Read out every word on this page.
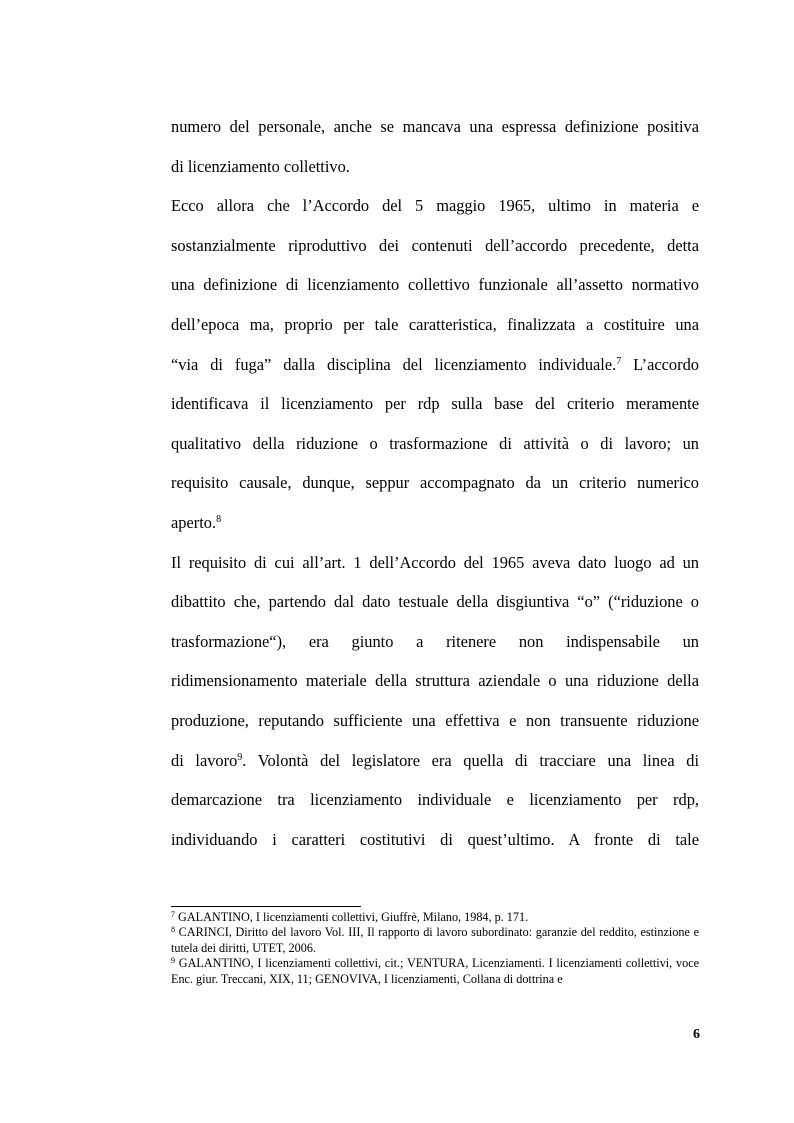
numero del personale, anche se mancava una espressa definizione positiva
di licenziamento collettivo.

Ecco allora che l’Accordo del 5 maggio 1965, ultimo in materia e
sostanzialmente riproduttivo dei contenuti dell’accordo precedente, detta
una definizione di licenziamento collettivo funzionale all’assetto normativo
dell’epoca ma, proprio per tale caratteristica, finalizzata a costituire una
“via di fuga” dalla disciplina del licenziamento individuale.$^7$ L’accordo
identificava il licenziamento per rdp sulla base del criterio meramente
qualitativo della riduzione o trasformazione di attività o di lavoro; un
requisito causale, dunque, seppur accompagnato da un criterio numerico
aperto.$^8$

Il requisito di cui all’art. 1 dell’Accordo del 1965 aveva dato luogo ad un
dibattito che, partendo dal dato testuale della disgiuntiva “o” (“riduzione o
trasformazione“), era giunto a ritenere non indispensabile un
ridimensionamento materiale della struttura aziendale o una riduzione della
produzione, reputando sufficiente una effettiva e non transuente riduzione
di lavoro$^9$. Volontà del legislatore era quella di tracciare una linea di
demarcazione tra licenziamento individuale e licenziamento per rdp,
individuando i caratteri costitutivi di quest’ultimo. A fronte di tale

$^7$ GALANTINO, I licenziamenti collettivi, Giuffrè, Milano, 1984, p. 171.

$^8$ CARINCI, Diritto del lavoro Vol. III, Il rapporto di lavoro subordinato: garanzie del reddito, estinzione e tutela dei diritti, UTET, 2006.

$^9$ GALANTINO, I licenziamenti collettivi, cit.; VENTURA, Licenziamenti. I licenziamenti collettivi, voce Enc. giur. Treccani, XIX, 11; GENOVIVA, I licenziamenti, Collana di dottrina e

6
